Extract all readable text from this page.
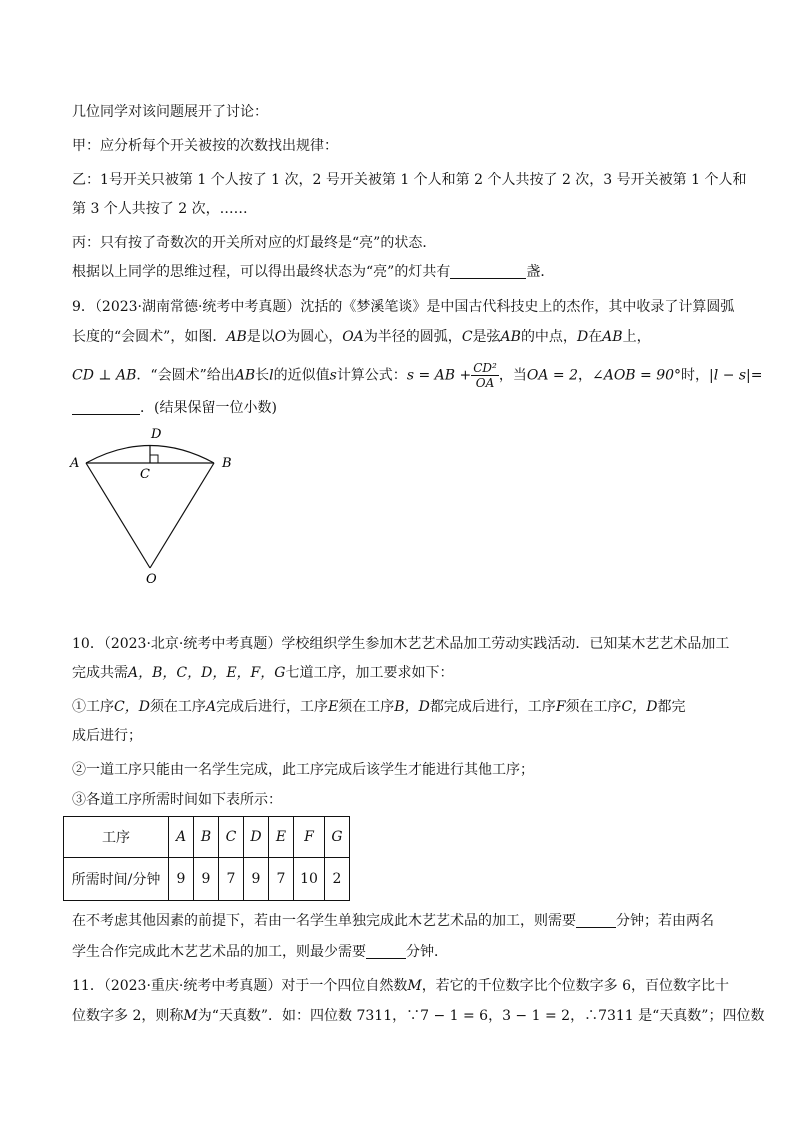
几位同学对该问题展开了讨论：
甲：应分析每个开关被按的次数找出规律：
乙：1号开关只被第 1 个人按了 1 次，2 号开关被第 1 个人和第 2 个人共按了 2 次，3 号开关被第 1 个人和
第 3 个人共按了 2 次，……
丙：只有按了奇数次的开关所对应的灯最终是“亮”的状态．
根据以上同学的思维过程，可以得出最终状态为“亮”的灯共有	盏．
9．（2023·湖南常德·统考中考真题）沈括的《梦溪笔谈》是中国古代科技史上的杰作，其中收录了计算圆弧
长度的“会圆术”，如图．AB是以O为圆心，OA为半径的圆弧，C是弦AB的中点，D在AB上，
CD ⊥ AB．“会圆术”给出AB长l的近似值s计算公式：s = AB + $\frac{\text{CD²}}{OA}$ ，当OA = 2，∠AOB = 90°时，|l − s|=
．(结果保留一位小数)
A	B
C
D
O
10．（2023·北京·统考中考真题）学校组织学生参加木艺艺术品加工劳动实践活动．已知某木艺艺术品加工
完成共需A，B，C，D，E，F，G七道工序，加工要求如下：
①工序C，D须在工序A完成后进行，工序E须在工序B，D都完成后进行，工序F须在工序C，D都完
成后进行；
②一道工序只能由一名学生完成，此工序完成后该学生才能进行其他工序；
③各道工序所需时间如下表所示：
工序	A	B	C	D	E	F	G
所需时间/分钟	9	9	7	9	7	10	2
在不考虑其他因素的前提下，若由一名学生单独完成此木艺艺术品的加工，则需要	分钟；若由两名
学生合作完成此木艺艺术品的加工，则最少需要	分钟．
11．（2023·重庆·统考中考真题）对于一个四位自然数M，若它的千位数字比个位数字多 6，百位数字比十
位数字多 2，则称M为“天真数”．如：四位数 7311，∵7 − 1 = 6，3 − 1 = 2，∴7311 是“天真数”；四位数
